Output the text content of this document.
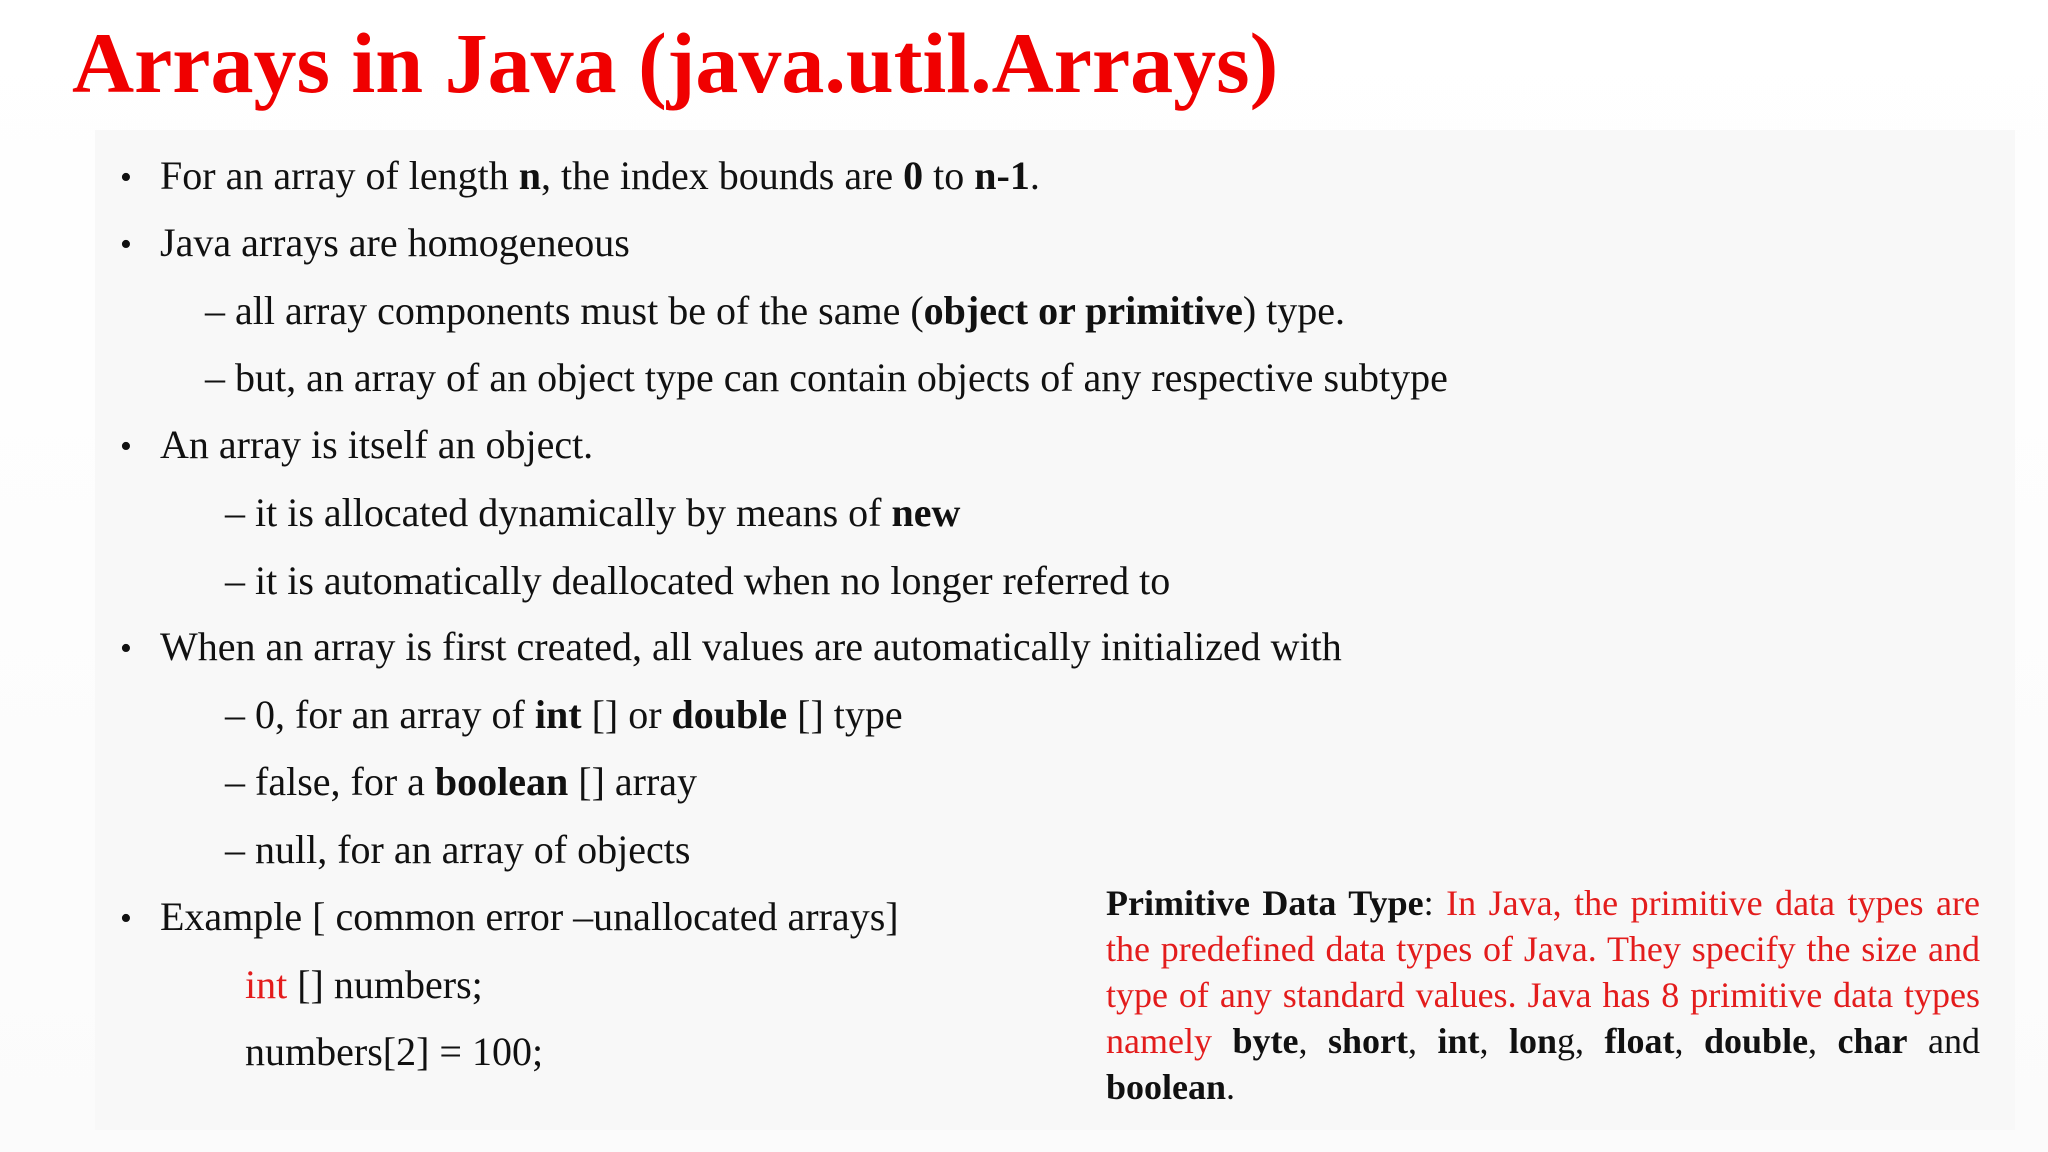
Arrays in Java (java.util.Arrays)
• For an array of length n, the index bounds are 0 to n-1.
• Java arrays are homogeneous
– all array components must be of the same (object or primitive) type.
– but, an array of an object type can contain objects of any respective subtype
• An array is itself an object.
– it is allocated dynamically by means of new
– it is automatically deallocated when no longer referred to
• When an array is first created, all values are automatically initialized with
– 0, for an array of int [] or double [] type
– false, for a boolean [] array
– null, for an array of objects
• Example [ common error –unallocated arrays]
int [] numbers;
numbers[2] = 100;
Primitive Data Type: In Java, the primitive data types are the predefined data types of Java. They specify the size and type of any standard values. Java has 8 primitive data types namely byte, short, int, long, float, double, char and boolean.
